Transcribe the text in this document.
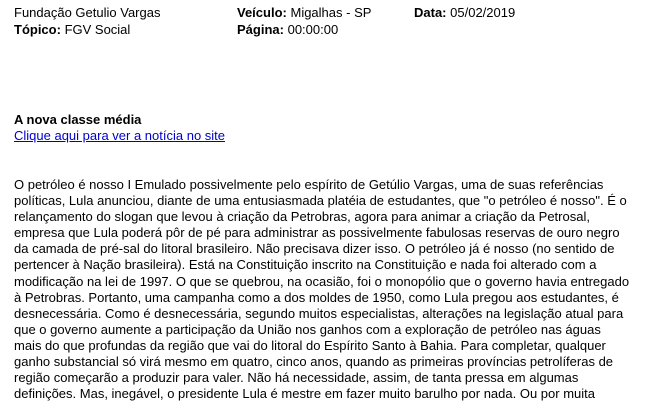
Fundação Getulio Vargas	Veículo: Migalhas - SP	Data: 05/02/2019
Tópico: FGV Social	Página: 00:00:00
A nova classe média
Clique aqui para ver a notícia no site
O petróleo é nosso I Emulado possivelmente pelo espírito de Getúlio Vargas, uma de suas referências
políticas, Lula anunciou, diante de uma entusiasmada platéia de estudantes, que "o petróleo é nosso". É o
relançamento do slogan que levou à criação da Petrobras, agora para animar a criação da Petrosal,
empresa que Lula poderá pôr de pé para administrar as possivelmente fabulosas reservas de ouro negro
da camada de pré-sal do litoral brasileiro. Não precisava dizer isso. O petróleo já é nosso (no sentido de
pertencer à Nação brasileira). Está na Constituição inscrito na Constituição e nada foi alterado com a
modificação na lei de 1997. O que se quebrou, na ocasião, foi o monopólio que o governo havia entregado
à Petrobras. Portanto, uma campanha como a dos moldes de 1950, como Lula pregou aos estudantes, é
desnecessária. Como é desnecessária, segundo muitos especialistas, alterações na legislação atual para
que o governo aumente a participação da União nos ganhos com a exploração de petróleo nas águas
mais do que profundas da região que vai do litoral do Espírito Santo à Bahia. Para completar, qualquer
ganho substancial só virá mesmo em quatro, cinco anos, quando as primeiras províncias petrolíferas de
região começarão a produzir para valer. Não há necessidade, assim, de tanta pressa em algumas
definições. Mas, inegável, o presidente Lula é mestre em fazer muito barulho por nada. Ou por muita
